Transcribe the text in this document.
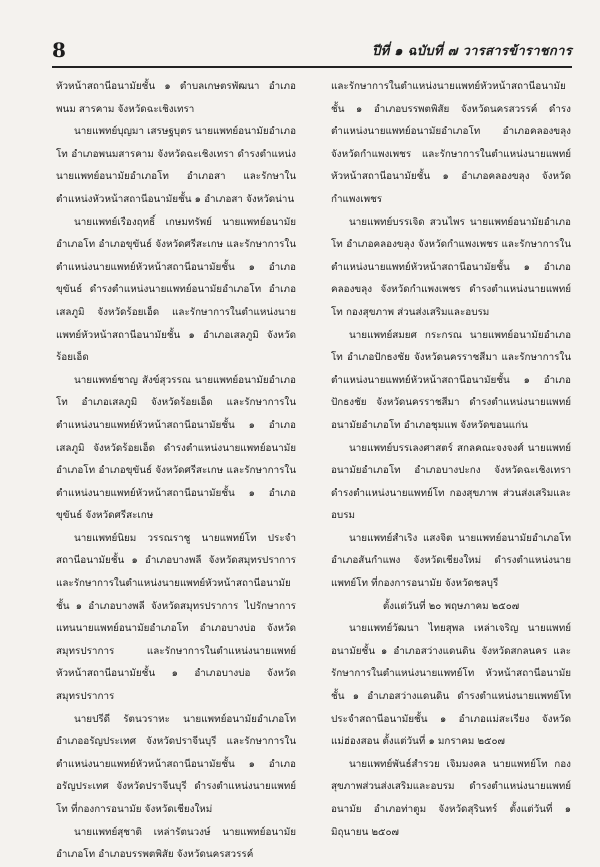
8	ปีที่ ๑ ฉบับที่ ๗ วารสารข้าราชการ

หัวหน้าสถานีอนามัยชั้น ๑ ตำบลเกษตรพัฒนา อำเภอพนม สารคาม จังหวัดฉะเชิงเทรา

นายแพทย์บุญมา เสรษฐบุตร นายแพทย์อนามัยอำเภอโท อำเภอพนมสารคาม จังหวัดฉะเชิงเทรา ดำรงตำแหน่งนายแพทย์อนามัยอำเภอโท อำเภอสา และรักษาในตำแหน่งหัวหน้าสถานีอนามัยชั้น ๑ อำเภอสา จังหวัดน่าน

นายแพทย์เรืองฤทธิ์ เกษมทรัพย์ นายแพทย์อนามัยอำเภอโท อำเภอขุขันธ์ จังหวัดศรีสะเกษ และรักษาการในตำแหน่งนายแพทย์หัวหน้าสถานีอนามัยชั้น ๑ อำเภอขุขันธ์ ดำรงตำแหน่งนายแพทย์อนามัยอำเภอโท อำเภอเสลภูมิ จังหวัดร้อยเอ็ด และรักษาการในตำแหน่งนายแพทย์หัวหน้าสถานีอนามัยชั้น ๑ อำเภอเสลภูมิ จังหวัดร้อยเอ็ด

นายแพทย์ชาญ สังข์สุวรรณ นายแพทย์อนามัยอำเภอโท อำเภอเสลภูมิ จังหวัดร้อยเอ็ด และรักษาการในตำแหน่งนายแพทย์หัวหน้าสถานีอนามัยชั้น ๑ อำเภอเสลภูมิ จังหวัดร้อยเอ็ด ดำรงตำแหน่งนายแพทย์อนามัยอำเภอโท อำเภอขุขันธ์ จังหวัดศรีสะเกษ และรักษาการในตำแหน่งนายแพทย์หัวหน้าสถานีอนามัยชั้น ๑ อำเภอขุขันธ์ จังหวัดศรีสะเกษ

นายแพทย์นิยม วรรณราชู นายแพทย์โท ประจำสถานีอนามัยชั้น ๑ อำเภอบางพลี จังหวัดสมุทรปราการ และรักษาการในตำแหน่งนายแพทย์หัวหน้าสถานีอนามัยชั้น ๑ อำเภอบางพลี จังหวัดสมุทรปราการ ไปรักษาการแทนนายแพทย์อนามัยอำเภอโท อำเภอบางบ่อ จังหวัดสมุทรปราการ และรักษาการในตำแหน่งนายแพทย์หัวหน้าสถานีอนามัยชั้น ๑ อำเภอบางบ่อ จังหวัดสมุทรปราการ

นายปรีดี รัตนวราหะ นายแพทย์อนามัยอำเภอโท อำเภออรัญประเทศ จังหวัดปราจีนบุรี และรักษาการในตำแหน่งนายแพทย์หัวหน้าสถานีอนามัยชั้น ๑ อำเภออรัญประเทศ จังหวัดปราจีนบุรี ดำรงตำแหน่งนายแพทย์โท ที่กองการอนามัย จังหวัดเชียงใหม่

นายแพทย์สุชาติ เหล่ารัตนวงษ์ นายแพทย์อนามัยอำเภอโท อำเภอบรรพตพิสัย จังหวัดนครสวรรค์

และรักษาการในตำแหน่งนายแพทย์หัวหน้าสถานีอนามัยชั้น ๑ อำเภอบรรพตพิสัย จังหวัดนครสวรรค์ ดำรงตำแหน่งนายแพทย์อนามัยอำเภอโท อำเภอคลองขลุง จังหวัดกำแพงเพชร และรักษาการในตำแหน่งนายแพทย์หัวหน้าสถานีอนามัยชั้น ๑ อำเภอคลองขลุง จังหวัดกำแพงเพชร

นายแพทย์บรรเจิด สวนไพร นายแพทย์อนามัยอำเภอโท อำเภอคลองขลุง จังหวัดกำแพงเพชร และรักษาการในตำแหน่งนายแพทย์หัวหน้าสถานีอนามัยชั้น ๑ อำเภอคลองขลุง จังหวัดกำแพงเพชร ดำรงตำแหน่งนายแพทย์โท กองสุขภาพ ส่วนส่งเสริมและอบรม

นายแพทย์สมยศ กระกรณ นายแพทย์อนามัยอำเภอโท อำเภอปักธงชัย จังหวัดนครราชสีมา และรักษาการในตำแหน่งนายแพทย์หัวหน้าสถานีอนามัยชั้น ๑ อำเภอปักธงชัย จังหวัดนครราชสีมา ดำรงตำแหน่งนายแพทย์อนามัยอำเภอโท อำเภอชุมแพ จังหวัดขอนแก่น

นายแพทย์บรรเลงศาสตร์ สกลคณะจงจงศ์ นายแพทย์อนามัยอำเภอโท อำเภอบางปะกง จังหวัดฉะเชิงเทรา ดำรงตำแหน่งนายแพทย์โท กองสุขภาพ ส่วนส่งเสริมและอบรม

นายแพทย์สำเริง แสงจิต นายแพทย์อนามัยอำเภอโท อำเภอสันกำแพง จังหวัดเชียงใหม่ ดำรงตำแหน่งนายแพทย์โท ที่กองการอนามัย จังหวัดชลบุรี

ตั้งแต่วันที่ ๒๐ พฤษภาคม ๒๕๐๗

นายแพทย์วัฒนา ไทยสุพล เหล่าเจริญ นายแพทย์อนามัยชั้น ๑ อำเภอสว่างแดนดิน จังหวัดสกลนคร และรักษาการในตำแหน่งนายแพทย์โท หัวหน้าสถานีอนามัยชั้น ๑ อำเภอสว่างแดนดิน ดำรงตำแหน่งนายแพทย์โท ประจำสถานีอนามัยชั้น ๑ อำเภอแม่สะเรียง จังหวัดแม่ฮ่องสอน ตั้งแต่วันที่ ๑ มกราคม ๒๕๐๗

นายแพทย์พันธ์สำรวย เจิมมงคล นายแพทย์โท กองสุขภาพส่วนส่งเสริมและอบรม ดำรงตำแหน่งนายแพทย์อนามัย อำเภอท่าตูม จังหวัดสุรินทร์ ตั้งแต่วันที่ ๑ มิถุนายน ๒๕๐๗
